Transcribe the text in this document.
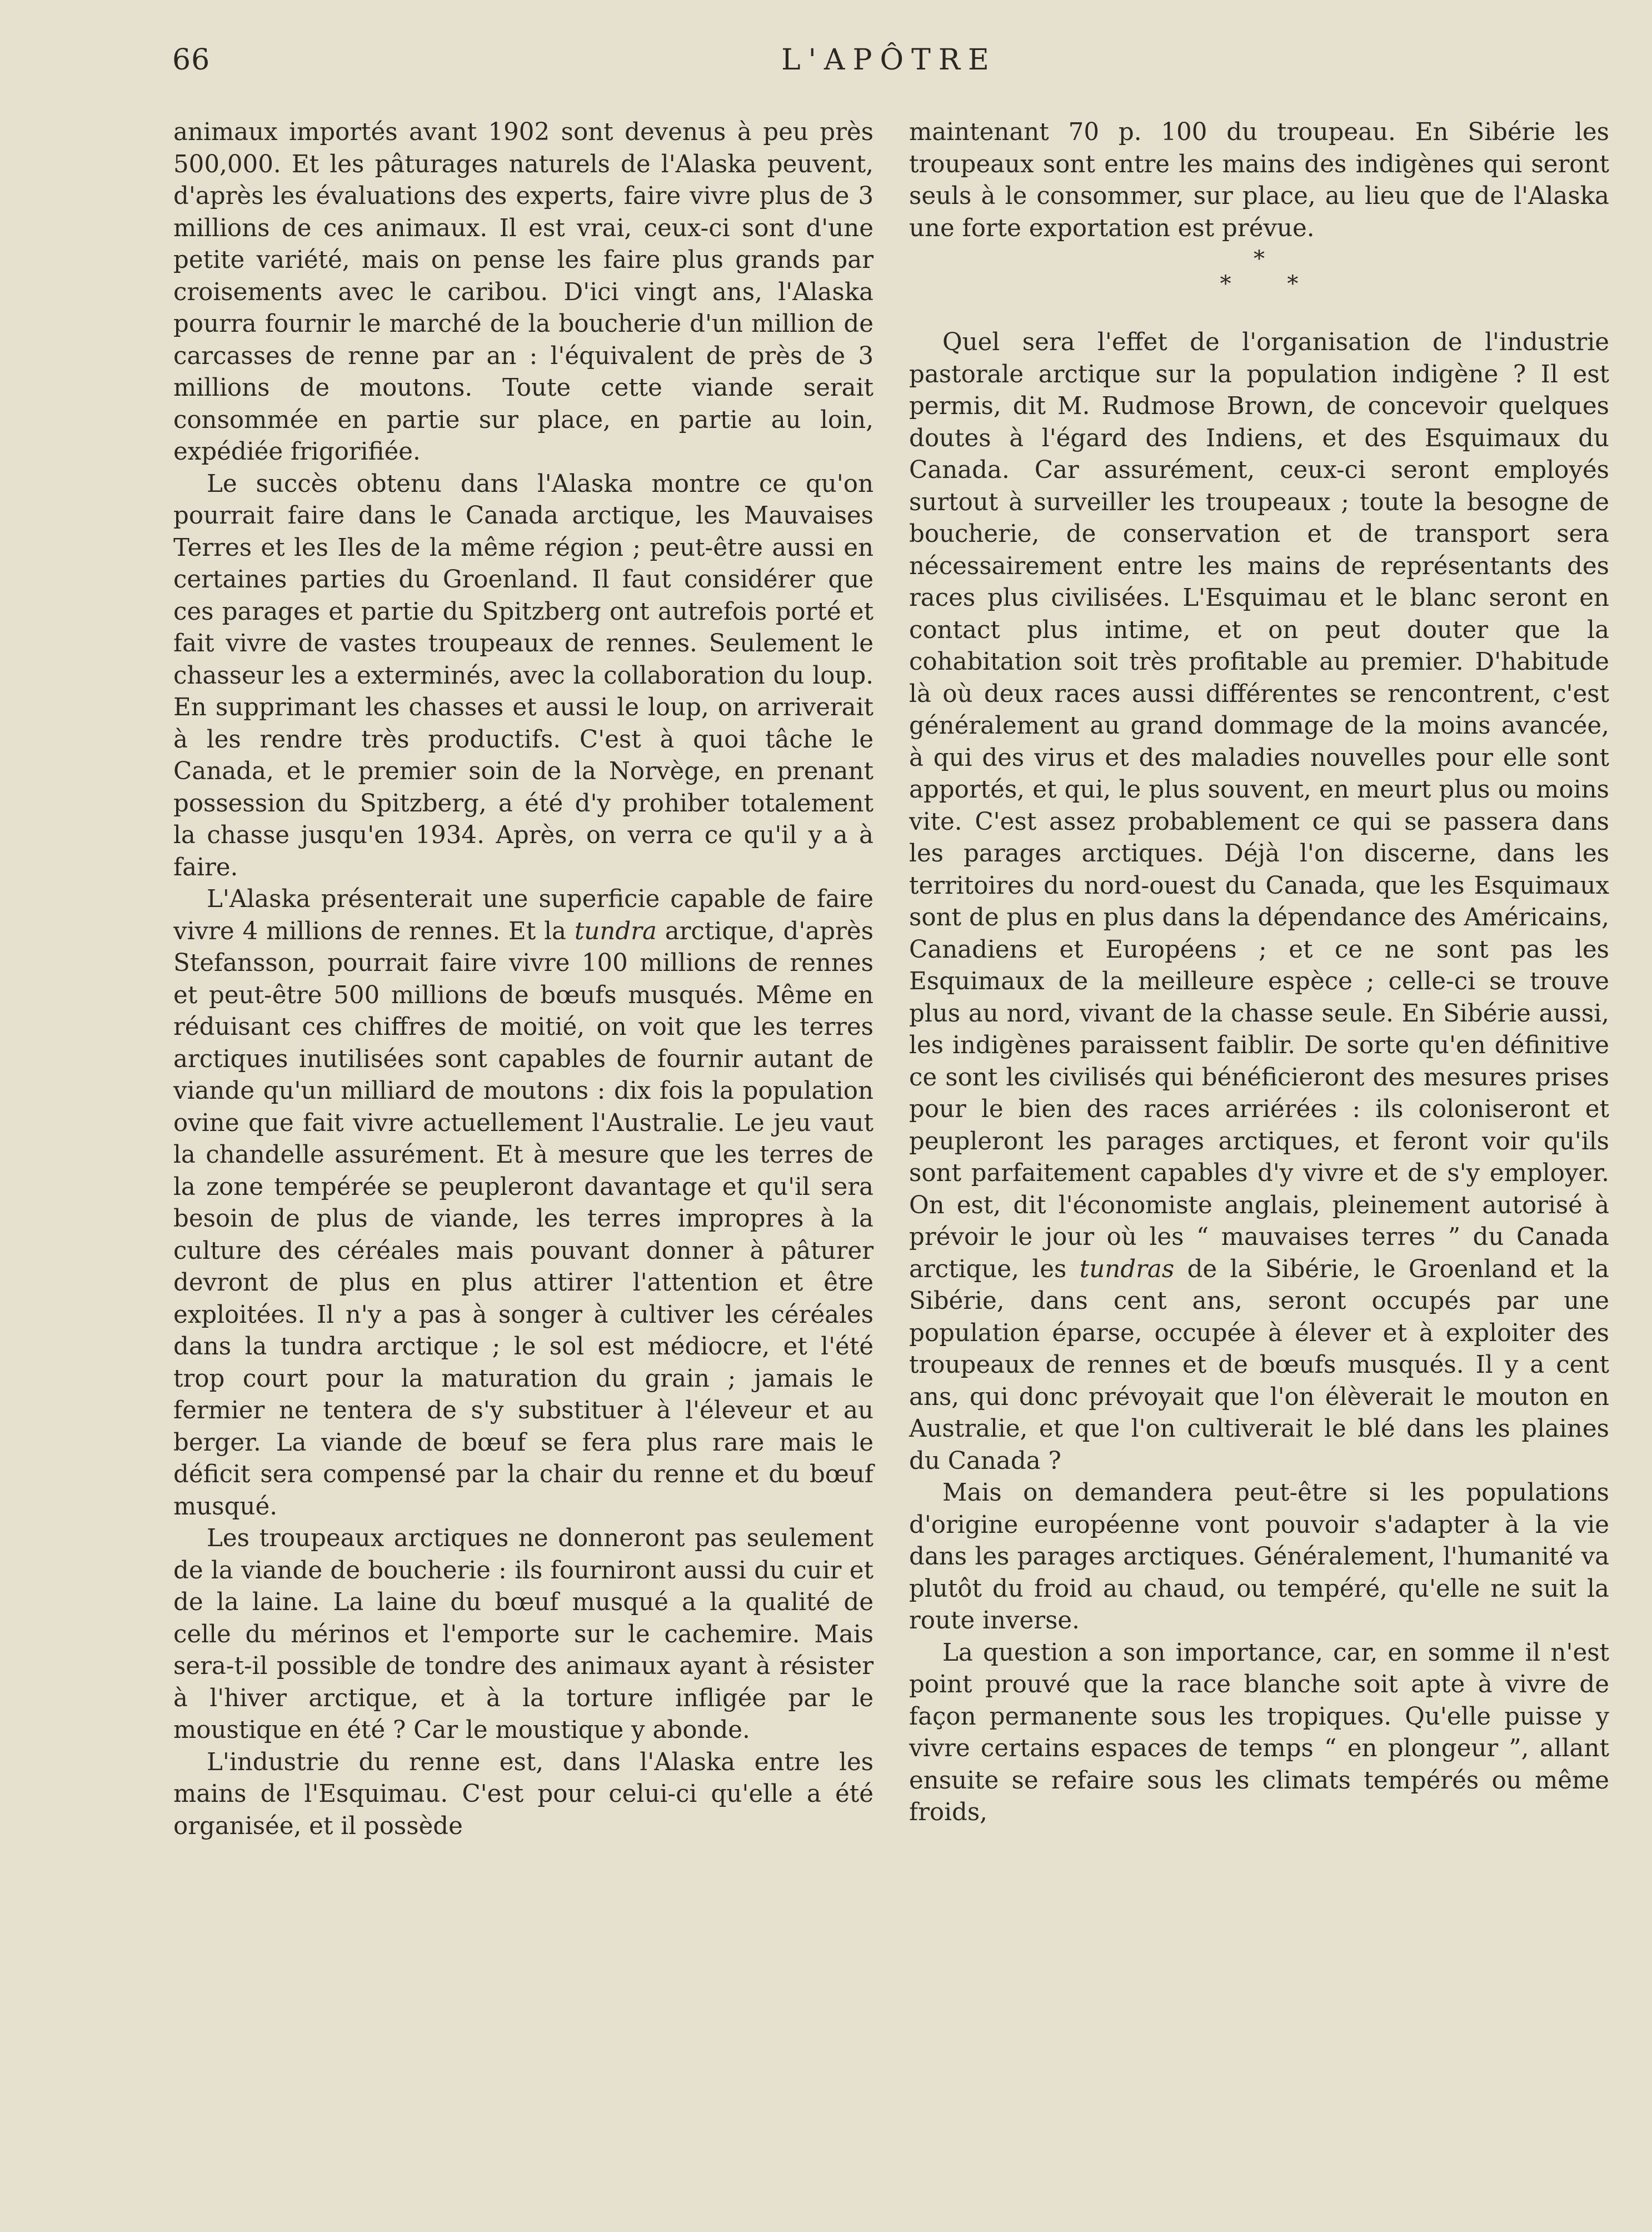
66	L'APÔTRE

animaux importés avant 1902 sont devenus à peu près 500,000. Et les pâturages naturels de l'Alaska peuvent, d'après les évaluations des experts, faire vivre plus de 3 millions de ces animaux. Il est vrai, ceux-ci sont d'une petite variété, mais on pense les faire plus grands par croisements avec le caribou. D'ici vingt ans, l'Alaska pourra fournir le marché de la boucherie d'un million de carcasses de renne par an : l'équivalent de près de 3 millions de moutons. Toute cette viande serait consommée en partie sur place, en partie au loin, expédiée frigorifiée.

Le succès obtenu dans l'Alaska montre ce qu'on pourrait faire dans le Canada arctique, les Mauvaises Terres et les Iles de la même région ; peut-être aussi en certaines parties du Groenland. Il faut considérer que ces parages et partie du Spitzberg ont autrefois porté et fait vivre de vastes troupeaux de rennes. Seulement le chasseur les a exterminés, avec la collaboration du loup. En supprimant les chasses et aussi le loup, on arriverait à les rendre très productifs. C'est à quoi tâche le Canada, et le premier soin de la Norvège, en prenant possession du Spitzberg, a été d'y prohiber totalement la chasse jusqu'en 1934. Après, on verra ce qu'il y a à faire.

L'Alaska présenterait une superficie capable de faire vivre 4 millions de rennes. Et la tundra arctique, d'après Stefansson, pourrait faire vivre 100 millions de rennes et peut-être 500 millions de bœufs musqués. Même en réduisant ces chiffres de moitié, on voit que les terres arctiques inutilisées sont capables de fournir autant de viande qu'un milliard de moutons : dix fois la population ovine que fait vivre actuellement l'Australie. Le jeu vaut la chandelle assurément. Et à mesure que les terres de la zone tempérée se peupleront davantage et qu'il sera besoin de plus de viande, les terres impropres à la culture des céréales mais pouvant donner à pâturer devront de plus en plus attirer l'attention et être exploitées. Il n'y a pas à songer à cultiver les céréales dans la tundra arctique ; le sol est médiocre, et l'été trop court pour la maturation du grain ; jamais le fermier ne tentera de s'y substituer à l'éleveur et au berger. La viande de bœuf se fera plus rare mais le déficit sera compensé par la chair du renne et du bœuf musqué.

Les troupeaux arctiques ne donneront pas seulement de la viande de boucherie : ils fourniront aussi du cuir et de la laine. La laine du bœuf musqué a la qualité de celle du mérinos et l'emporte sur le cachemire. Mais sera-t-il possible de tondre des animaux ayant à résister à l'hiver arctique, et à la torture infligée par le moustique en été ? Car le moustique y abonde.

L'industrie du renne est, dans l'Alaska entre les mains de l'Esquimau. C'est pour celui-ci qu'elle a été organisée, et il possède

maintenant 70 p. 100 du troupeau. En Sibérie les troupeaux sont entre les mains des indigènes qui seront seuls à le consommer, sur place, au lieu que de l'Alaska une forte exportation est prévue.

*
* *

Quel sera l'effet de l'organisation de l'industrie pastorale arctique sur la population indigène ? Il est permis, dit M. Rudmose Brown, de concevoir quelques doutes à l'égard des Indiens, et des Esquimaux du Canada. Car assurément, ceux-ci seront employés surtout à surveiller les troupeaux ; toute la besogne de boucherie, de conservation et de transport sera nécessairement entre les mains de représentants des races plus civilisées. L'Esquimau et le blanc seront en contact plus intime, et on peut douter que la cohabitation soit très profitable au premier. D'habitude là où deux races aussi différentes se rencontrent, c'est généralement au grand dommage de la moins avancée, à qui des virus et des maladies nouvelles pour elle sont apportés, et qui, le plus souvent, en meurt plus ou moins vite. C'est assez probablement ce qui se passera dans les parages arctiques. Déjà l'on discerne, dans les territoires du nord-ouest du Canada, que les Esquimaux sont de plus en plus dans la dépendance des Américains, Canadiens et Européens ; et ce ne sont pas les Esquimaux de la meilleure espèce ; celle-ci se trouve plus au nord, vivant de la chasse seule. En Sibérie aussi, les indigènes paraissent faiblir. De sorte qu'en définitive ce sont les civilisés qui bénéficieront des mesures prises pour le bien des races arriérées : ils coloniseront et peupleront les parages arctiques, et feront voir qu'ils sont parfaitement capables d'y vivre et de s'y employer. On est, dit l'économiste anglais, pleinement autorisé à prévoir le jour où les “ mauvaises terres ” du Canada arctique, les tundras de la Sibérie, le Groenland et la Sibérie, dans cent ans, seront occupés par une population éparse, occupée à élever et à exploiter des troupeaux de rennes et de bœufs musqués. Il y a cent ans, qui donc prévoyait que l'on élèverait le mouton en Australie, et que l'on cultiverait le blé dans les plaines du Canada ?

Mais on demandera peut-être si les populations d'origine européenne vont pouvoir s'adapter à la vie dans les parages arctiques. Généralement, l'humanité va plutôt du froid au chaud, ou tempéré, qu'elle ne suit la route inverse.

La question a son importance, car, en somme il n'est point prouvé que la race blanche soit apte à vivre de façon permanente sous les tropiques. Qu'elle puisse y vivre certains espaces de temps “ en plongeur ”, allant ensuite se refaire sous les climats tempérés ou même froids,
